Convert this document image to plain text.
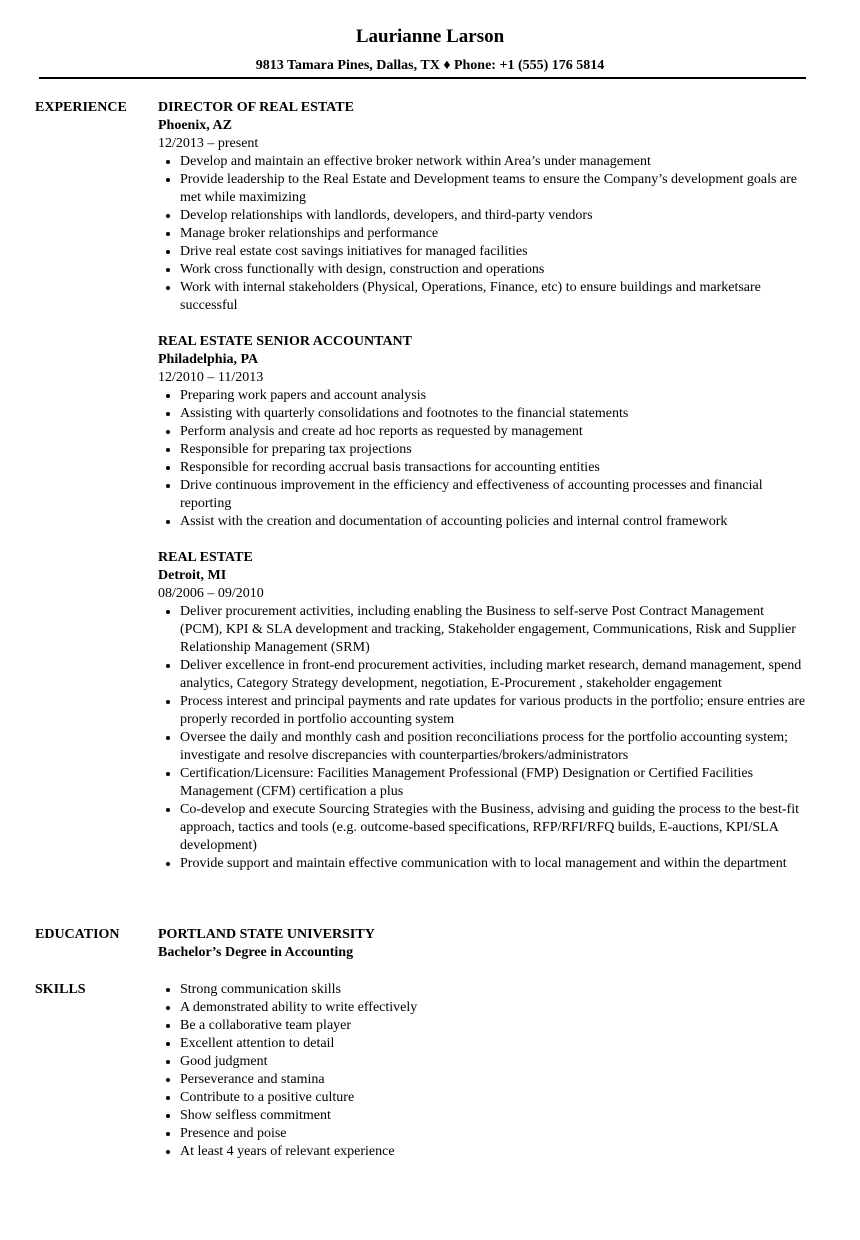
Laurianne Larson
9813 Tamara Pines, Dallas, TX ♦ Phone: +1 (555) 176 5814
EXPERIENCE DIRECTOR OF REAL ESTATE
Phoenix, AZ
12/2013 – present
• Develop and maintain an effective broker network within Area’s under management
• Provide leadership to the Real Estate and Development teams to ensure the Company’s development goals are met while maximizing
• Develop relationships with landlords, developers, and third-party vendors
• Manage broker relationships and performance
• Drive real estate cost savings initiatives for managed facilities
• Work cross functionally with design, construction and operations
• Work with internal stakeholders (Physical, Operations, Finance, etc) to ensure buildings and marketsare successful
REAL ESTATE SENIOR ACCOUNTANT
Philadelphia, PA
12/2010 – 11/2013
• Preparing work papers and account analysis
• Assisting with quarterly consolidations and footnotes to the financial statements
• Perform analysis and create ad hoc reports as requested by management
• Responsible for preparing tax projections
• Responsible for recording accrual basis transactions for accounting entities
• Drive continuous improvement in the efficiency and effectiveness of accounting processes and financial reporting
• Assist with the creation and documentation of accounting policies and internal control framework
REAL ESTATE
Detroit, MI
08/2006 – 09/2010
• Deliver procurement activities, including enabling the Business to self-serve Post Contract Management (PCM), KPI & SLA development and tracking, Stakeholder engagement, Communications, Risk and Supplier Relationship Management (SRM)
• Deliver excellence in front-end procurement activities, including market research, demand management, spend analytics, Category Strategy development, negotiation, E-Procurement , stakeholder engagement
• Process interest and principal payments and rate updates for various products in the portfolio; ensure entries are properly recorded in portfolio accounting system
• Oversee the daily and monthly cash and position reconciliations process for the portfolio accounting system; investigate and resolve discrepancies with counterparties/brokers/administrators
• Certification/Licensure: Facilities Management Professional (FMP) Designation or Certified Facilities Management (CFM) certification a plus
• Co-develop and execute Sourcing Strategies with the Business, advising and guiding the process to the best-fit approach, tactics and tools (e.g. outcome-based specifications, RFP/RFI/RFQ builds, E-auctions, KPI/SLA development)
• Provide support and maintain effective communication with to local management and within the department
EDUCATION	PORTLAND STATE UNIVERSITY
Bachelor’s Degree in Accounting
SKILLS
•	Strong communication skills
• A demonstrated ability to write effectively
• Be a collaborative team player
• Excellent attention to detail
• Good judgment
• Perseverance and stamina
• Contribute to a positive culture
• Show selfless commitment
• Presence and poise
• At least 4 years of relevant experience
